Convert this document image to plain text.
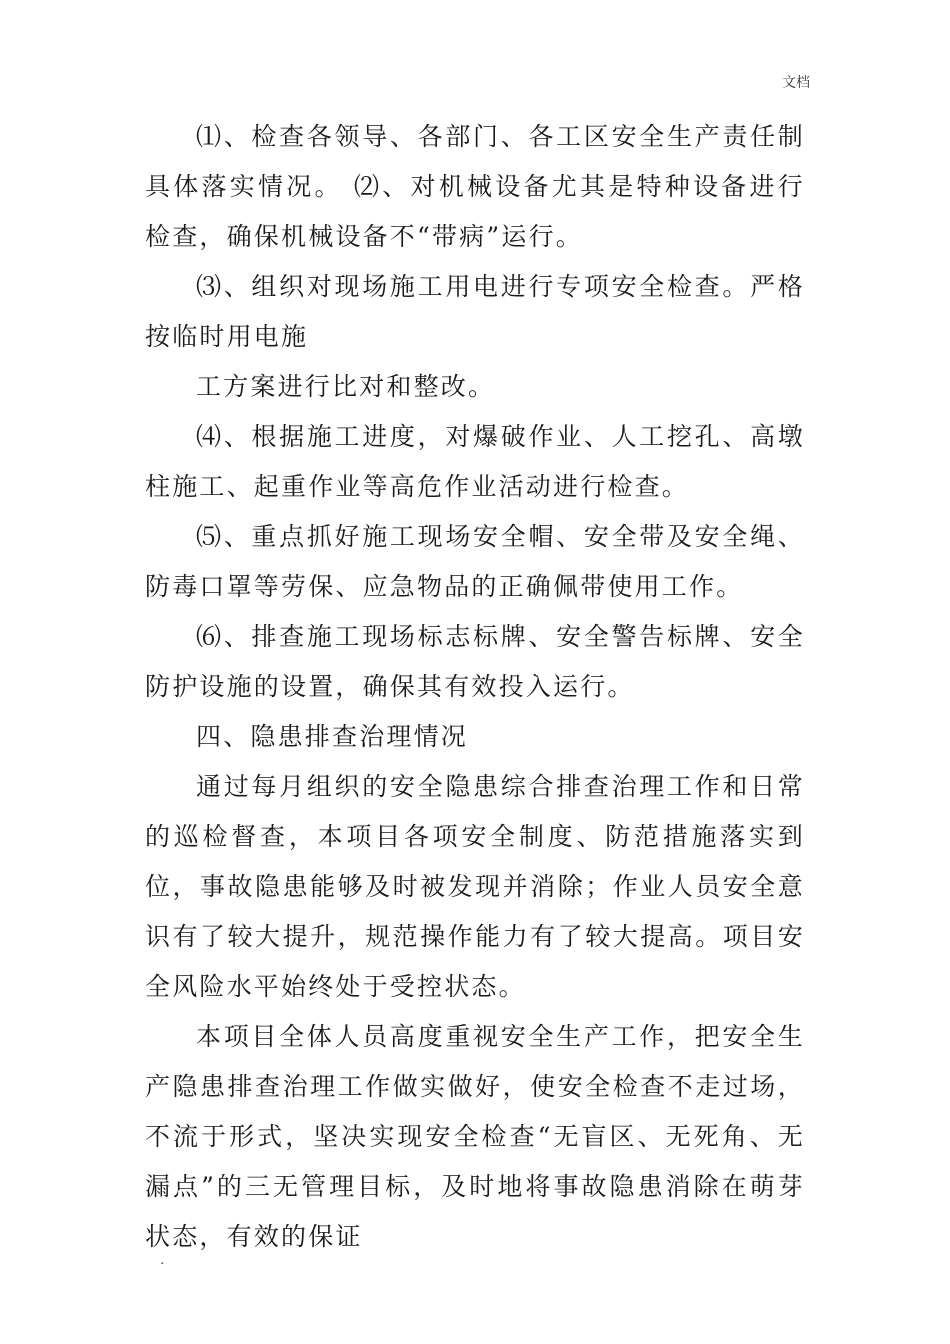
文档

⑴、检查各领导、各部门、各工区安全生产责任制具体落实情况。 ⑵、对机械设备尤其是特种设备进行检查，确保机械设备不“带病”运行。

⑶、组织对现场施工用电进行专项安全检查。严格按临时用电施

工方案进行比对和整改。

⑷、根据施工进度，对爆破作业、人工挖孔、高墩柱施工、起重作业等高危作业活动进行检查。

⑸、重点抓好施工现场安全帽、安全带及安全绳、防毒口罩等劳保、应急物品的正确佩带使用工作。

⑹、排查施工现场标志标牌、安全警告标牌、安全防护设施的设置，确保其有效投入运行。

四、隐患排查治理情况

通过每月组织的安全隐患综合排查治理工作和日常的巡检督查，本项目各项安全制度、防范措施落实到位，事故隐患能够及时被发现并消除；作业人员安全意识有了较大提升，规范操作能力有了较大提高。项目安全风险水平始终处于受控状态。

本项目全体人员高度重视安全生产工作，把安全生产隐患排查治理工作做实做好，使安全检查不走过场，不流于形式，坚决实现安全检查“无盲区、无死角、无漏点”的三无管理目标，及时地将事故隐患消除在萌芽状态，有效的保证

.
